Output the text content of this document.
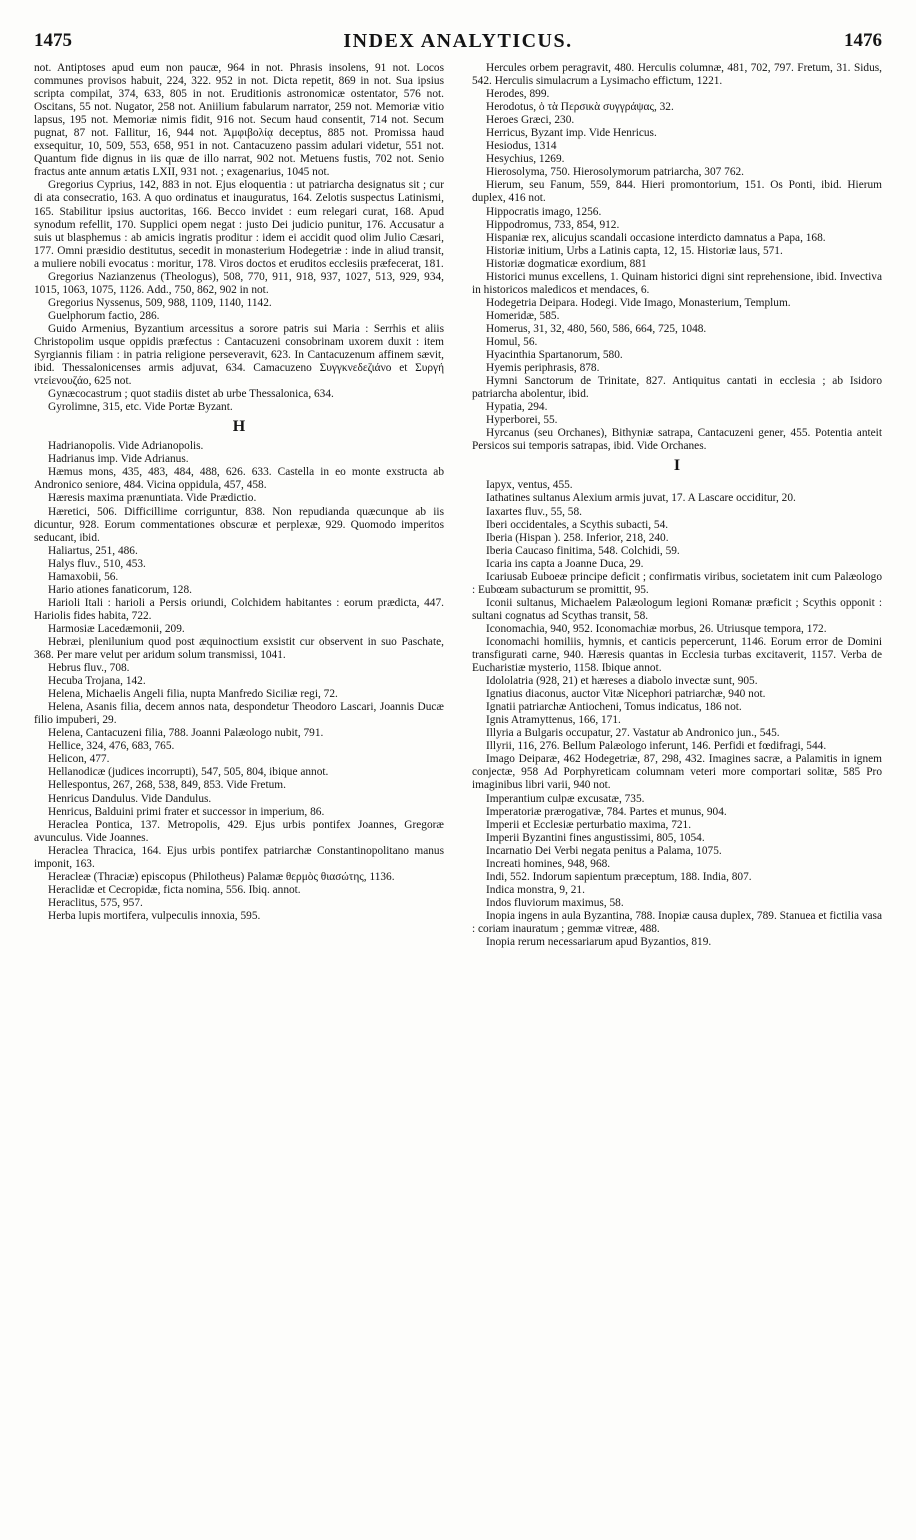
1475	INDEX ANALYTICUS.	1476

not. Antiptoses apud eum non paucæ, 964 in not. Phrasis insolens, 91 not. Locos communes provisos habuit, 224, 322. 952 in not. Dicta repetit, 869 in not. Sua ipsius scripta compilat, 374, 633, 805 in not. Eruditionis astronomicæ ostentator, 576 not. Oscitans, 55 not. Nugator, 258 not. Aniilium fabularum narrator, 259 not. Memoriæ vitio lapsus, 195 not. Memoriæ nimis fidit, 916 not. Secum haud consentit, 714 not. Secum pugnat, 87 not. Fallitur, 16, 944 not. Ἀμφιβολίᾳ deceptus, 885 not. Promissa haud exsequitur, 10, 509, 553, 658, 951 in not. Cantacuzeno passim adulari videtur, 551 not. Quantum fide dignus in iis quæ de illo narrat, 902 not. Metuens fustis, 702 not. Senio fractus ante annum ætatis LXII, 931 not. ; exagenarius, 1045 not.

Gregorius Cyprius, 142, 883 in not. Ejus eloquentia : ut patriarcha designatus sit ; cur di ata consecratio, 163. A quo ordinatus et inauguratus, 164. Zelotis suspectus Latinismi, 165. Stabilitur ipsius auctoritas, 166. Becco invidet : eum relegari curat, 168. Apud synodum refellit, 170. Supplici opem negat : justo Dei judicio punitur, 176. Accusatur a suis ut blasphemus : ab amicis ingratis proditur : idem ei accidit quod olim Julio Cæsari, 177. Omni præsidio destitutus, secedit in monasterium Hodegetriæ : inde in aliud transit, a muliere nobili evocatus : moritur, 178. Viros doctos et eruditos ecclesiis præfecerat, 181.

Gregorius Nazianzenus (Theologus), 508, 770, 911, 918, 937, 1027, 513, 929, 934, 1015, 1063, 1075, 1126. Add., 750, 862, 902 in not.

Gregorius Nyssenus, 509, 988, 1109, 1140, 1142.

Guelphorum factio, 286.

Guido Armenius, Byzantium arcessitus a sorore patris sui Maria : Serrhis et aliis Christopolim usque oppidis præfectus : Cantacuzeni consobrinam uxorem duxit : item Syrgiannis filiam : in patria religione perseveravit, 623. In Cantacuzenum affinem sævit, ibid. Thessalonicenses armis adjuvat, 634. Camacuzeno Συγγκνεδεζιάνο et Συργή ντεἰενουζάο, 625 not.

Gynæcocastrum ; quot stadiis distet ab urbe Thessalonica, 634.

Gyrolimne, 315, etc. Vide Portæ Byzant.

H

Hadrianopolis. Vide Adrianopolis.

Hadrianus imp. Vide Adrianus.

Hæmus mons, 435, 483, 484, 488, 626. 633. Castella in eo monte exstructa ab Andronico seniore, 484. Vicina oppidula, 457, 458.

Hæresis maxima prænuntiata. Vide Prædictio.

Hæretici, 506. Difficillime corriguntur, 838. Non repudianda quæcunque ab iis dicuntur, 928. Eorum commentationes obscuræ et perplexæ, 929. Quomodo imperitos seducant, ibid.

Haliartus, 251, 486.

Halys fluv., 510, 453.

Hamaxobii, 56.

Hario ationes fanaticorum, 128.

Harioli Itali : harioli a Persis oriundi, Colchidem habitantes : eorum prædicta, 447. Hariolis fides habita, 722.

Harmosiæ Lacedæmonii, 209.

Hebræi, plenilunium quod post æquinoctium exsistit cur observent in suo Paschate, 368. Per mare velut per aridum solum transmissi, 1041.

Hebrus fluv., 708.

Hecuba Trojana, 142.

Helena, Michaelis Angeli filia, nupta Manfredo Siciliæ regi, 72.

Helena, Asanis filia, decem annos nata, despondetur Theodoro Lascari, Joannis Ducæ filio impuberi, 29.

Helena, Cantacuzeni filia, 788. Joanni Palæologo nubit, 791.

Hellice, 324, 476, 683, 765.

Helicon, 477.

Hellanodicæ (judices incorrupti), 547, 505, 804, ibique annot.

Hellespontus, 267, 268, 538, 849, 853. Vide Fretum.

Henricus Dandulus. Vide Dandulus.

Henricus, Balduini primi frater et successor in imperium, 86.

Heraclea Pontica, 137. Metropolis, 429. Ejus urbis pontifex Joannes, Gregoræ avunculus. Vide Joannes.

Heraclea Thracica, 164. Ejus urbis pontifex patriarchæ Constantinopolitano manus imponit, 163.

Heracleæ (Thraciæ) episcopus (Philotheus) Palamæ θερμὸς θιασώτης, 1136.

Heraclidæ et Cecropidæ, ficta nomina, 556. Ibiq. annot.

Heraclitus, 575, 957.

Herba lupis mortifera, vulpeculis innoxia, 595.

Hercules orbem peragravit, 480. Herculis columnæ, 481, 702, 797. Fretum, 31. Sidus, 542. Herculis simulacrum a Lysimacho effictum, 1221.

Herodes, 899.

Herodotus, ὁ τὰ Περσικὰ συγγράψας, 32.

Heroes Græci, 230.

Herricus, Byzant imp. Vide Henricus.

Hesiodus, 1314

Hesychius, 1269.

Hierosolyma, 750. Hierosolymorum patriarcha, 307 762.

Hierum, seu Fanum, 559, 844. Hieri promontorium, 151. Os Ponti, ibid. Hierum duplex, 416 not.

Hippocratis imago, 1256.

Hippodromus, 733, 854, 912.

Hispaniæ rex, alicujus scandali occasione interdicto damnatus a Papa, 168.

Historiæ initium, Urbs a Latinis capta, 12, 15. Historiæ laus, 571.

Historiæ dogmaticæ exordium, 881

Historici munus excellens, 1. Quinam historici digni sint reprehensione, ibid. Invectiva in historicos maledicos et mendaces, 6.

Hodegetria Deipara. Hodegi. Vide Imago, Monasterium, Templum.

Homeridæ, 585.

Homerus, 31, 32, 480, 560, 586, 664, 725, 1048.

Homul, 56.

Hyacinthia Spartanorum, 580.

Hyemis periphrasis, 878.

Hymni Sanctorum de Trinitate, 827. Antiquitus cantati in ecclesia ; ab Isidoro patriarcha abolentur, ibid.

Hypatia, 294.

Hyperborei, 55.

Hyrcanus (seu Orchanes), Bithyniæ satrapa, Cantacuzeni gener, 455. Potentia anteit Persicos sui temporis satrapas, ibid. Vide Orchanes.

I

Iapyx, ventus, 455.

Iathatines sultanus Alexium armis juvat, 17. A Lascare occiditur, 20.

Iaxartes fluv., 55, 58.

Iberi occidentales, a Scythis subacti, 54.

Iberia (Hispan ). 258. Inferior, 218, 240.

Iberia Caucaso finitima, 548. Colchidi, 59.

Icaria ins capta a Joanne Duca, 29.

Icariusab Euboeæ principe deficit ; confirmatis viribus, societatem init cum Palæologo : Eubœam subacturum se promittit, 95.

Iconii sultanus, Michaelem Palæologum legioni Romanæ præficit ; Scythis opponit : sultani cognatus ad Scythas transit, 58.

Iconomachia, 940, 952. Iconomachiæ morbus, 26. Utriusque tempora, 172.

Iconomachi homiliis, hymnis, et canticis pepercerunt, 1146. Eorum error de Domini transfigurati carne, 940. Hæresis quantas in Ecclesia turbas excitaverit, 1157. Verba de Eucharistiæ mysterio, 1158. Ibique annot.

Idololatria (928, 21) et hæreses a diabolo invectæ sunt, 905.

Ignatius diaconus, auctor Vitæ Nicephori patriarchæ, 940 not.

Ignatii patriarchæ Antiocheni, Tomus indicatus, 186 not.

Ignis Atramyttenus, 166, 171.

Illyria a Bulgaris occupatur, 27. Vastatur ab Andronico jun., 545.

Illyrii, 116, 276. Bellum Palæologo inferunt, 146. Perfidi et fœdifragi, 544.

Imago Deiparæ, 462 Hodegetriæ, 87, 298, 432. Imagines sacræ, a Palamitis in ignem conjectæ, 958 Ad Porphyreticam columnam veteri more comportari solitæ, 585 Pro imaginibus libri varii, 940 not.

Imperantium culpæ excusatæ, 735.

Imperatoriæ prærogativæ, 784. Partes et munus, 904.

Imperii et Ecclesiæ perturbatio maxima, 721.

Imperii Byzantini fines angustissimi, 805, 1054.

Incarnatio Dei Verbi negata penitus a Palama, 1075.

Increati homines, 948, 968.

Indi, 552. Indorum sapientum præceptum, 188. India, 807.

Indica monstra, 9, 21.

Indos fluviorum maximus, 58.

Inopia ingens in aula Byzantina, 788. Inopiæ causa duplex, 789. Stanuea et fictilia vasa : coriam inauratum ; gemmæ vitreæ, 488.

Inopia rerum necessariarum apud Byzantios, 819.
